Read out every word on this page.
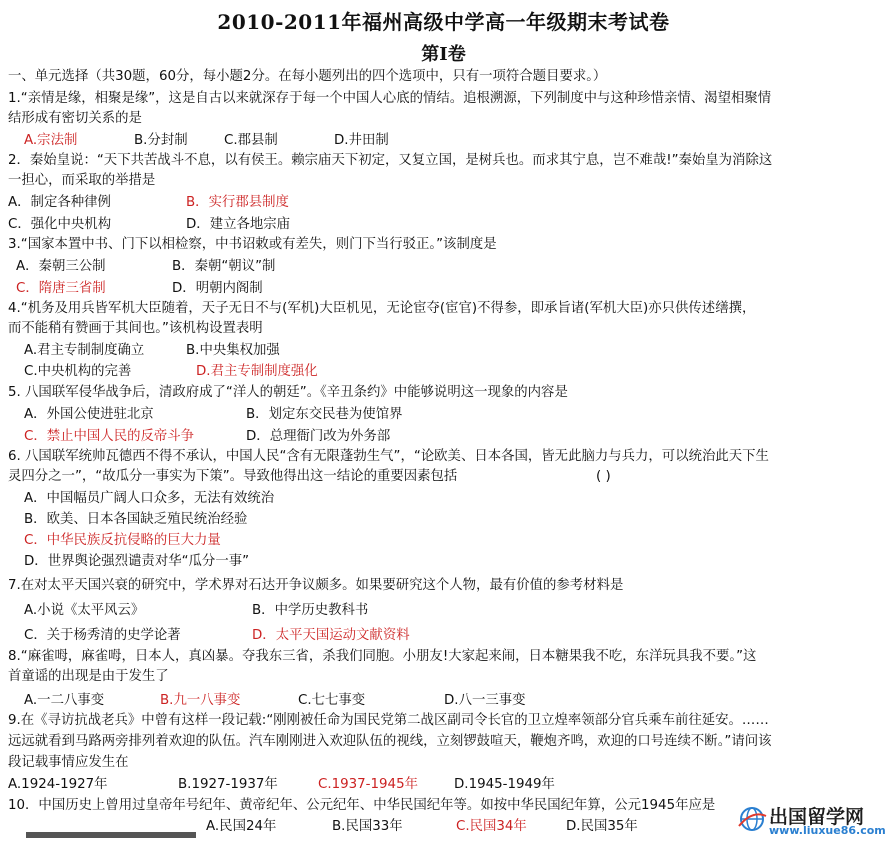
2010-2011年福州高级中学高一年级期末考试卷
第Ⅰ卷
一、单元选择（共30题，60分，每小题2分。在每小题列出的四个选项中，只有一项符合题目要求。）
1.“亲情是缘，相聚是缘”，这是自古以来就深存于每一个中国人心底的情结。追根溯源，下列制度中与这种珍惜亲情、渴望相聚情
结形成有密切关系的是
A.宗法制	B.分封制	C.郡县制	D.井田制
2．秦始皇说：“天下共苦战斗不息，以有侯王。赖宗庙天下初定，又复立国，是树兵也。而求其宁息，岂不难哉!”秦始皇为消除这
一担心，而采取的举措是
A．制定各种律例	B．实行郡县制度
C．强化中央机构	D．建立各地宗庙
3.“国家本置中书、门下以相检察，中书诏敕或有差失，则门下当行驳正。”该制度是
A．秦朝三公制	B．秦朝“朝议”制
C．隋唐三省制	D．明朝内阁制
4.“机务及用兵皆军机大臣随着，天子无日不与(军机)大臣机见，无论宦夺(宦官)不得参，即承旨诸(军机大臣)亦只供传述缮撰，
而不能稍有赞画于其间也。”该机构设置表明
A.君主专制制度确立	B.中央集权加强
C.中央机构的完善	D.君主专制制度强化
5. 八国联军侵华战争后，清政府成了“洋人的朝廷”。《辛丑条约》中能够说明这一现象的内容是
A．外国公使进驻北京	B．划定东交民巷为使馆界
C．禁止中国人民的反帝斗争	D．总理衙门改为外务部
6. 八国联军统帅瓦德西不得不承认，中国人民“含有无限蓬勃生气”，“论欧美、日本各国，皆无此脑力与兵力，可以统治此天下生
灵四分之一”，“故瓜分一事实为下策”。导致他得出这一结论的重要因素包括	( )
A．中国幅员广阔人口众多，无法有效统治
B．欧美、日本各国缺乏殖民统治经验
C．中华民族反抗侵略的巨大力量
D．世界舆论强烈谴责对华“瓜分一事”
7.在对太平天国兴衰的研究中，学术界对石达开争议颇多。如果要研究这个人物，最有价值的参考材料是
A.小说《太平风云》	B．中学历史教科书
C．关于杨秀清的史学论著	D．太平天国运动文献资料
8.“麻雀呣，麻雀呣，日本人，真凶暴。夺我东三省，杀我们同胞。小朋友!大家起来闹，日本糖果我不吃，东洋玩具我不要。”这
首童谣的出现是由于发生了
A.一二八事变	B.九一八事变	C.七七事变	D.八一三事变
9.在《寻访抗战老兵》中曾有这样一段记载:“刚刚被任命为国民党第二战区副司令长官的卫立煌率领部分官兵乘车前往延安。……
远远就看到马路两旁排列着欢迎的队伍。汽车刚刚进入欢迎队伍的视线，立刻锣鼓喧天，鞭炮齐鸣，欢迎的口号连续不断。”请问该
段记载事情应发生在
A.1924-1927年	B.1927-1937年	C.1937-1945年	D.1945-1949年
10．中国历史上曾用过皇帝年号纪年、黄帝纪年、公元纪年、中华民国纪年等。如按中华民国纪年算，公元1945年应是
A.民国24年	B.民国33年	C.民国34年	D.民国35年	出国留学网
www.liuxue86.com
